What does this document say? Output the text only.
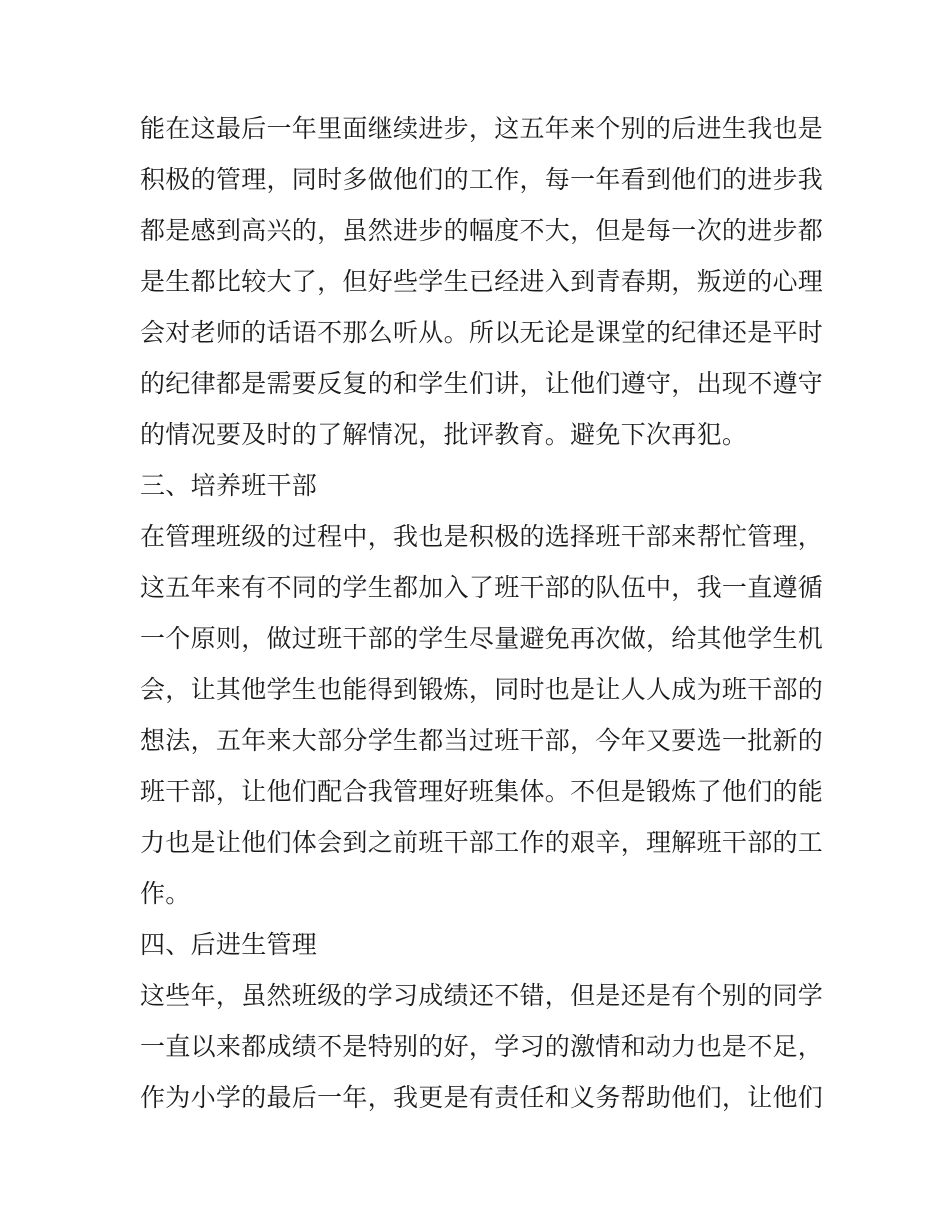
能在这最后一年里面继续进步，这五年来个别的后进生我也是
积极的管理，同时多做他们的工作，每一年看到他们的进步我
都是感到高兴的，虽然进步的幅度不大，但是每一次的进步都
是生都比较大了，但好些学生已经进入到青春期，叛逆的心理
会对老师的话语不那么听从。所以无论是课堂的纪律还是平时
的纪律都是需要反复的和学生们讲，让他们遵守，出现不遵守
的情况要及时的了解情况，批评教育。避免下次再犯。
三、培养班干部
在管理班级的过程中，我也是积极的选择班干部来帮忙管理，
这五年来有不同的学生都加入了班干部的队伍中，我一直遵循
一个原则，做过班干部的学生尽量避免再次做，给其他学生机
会，让其他学生也能得到锻炼，同时也是让人人成为班干部的
想法，五年来大部分学生都当过班干部，今年又要选一批新的
班干部，让他们配合我管理好班集体。不但是锻炼了他们的能
力也是让他们体会到之前班干部工作的艰辛，理解班干部的工
作。
四、后进生管理
这些年，虽然班级的学习成绩还不错，但是还是有个别的同学
一直以来都成绩不是特别的好，学习的激情和动力也是不足，
作为小学的最后一年，我更是有责任和义务帮助他们，让他们
